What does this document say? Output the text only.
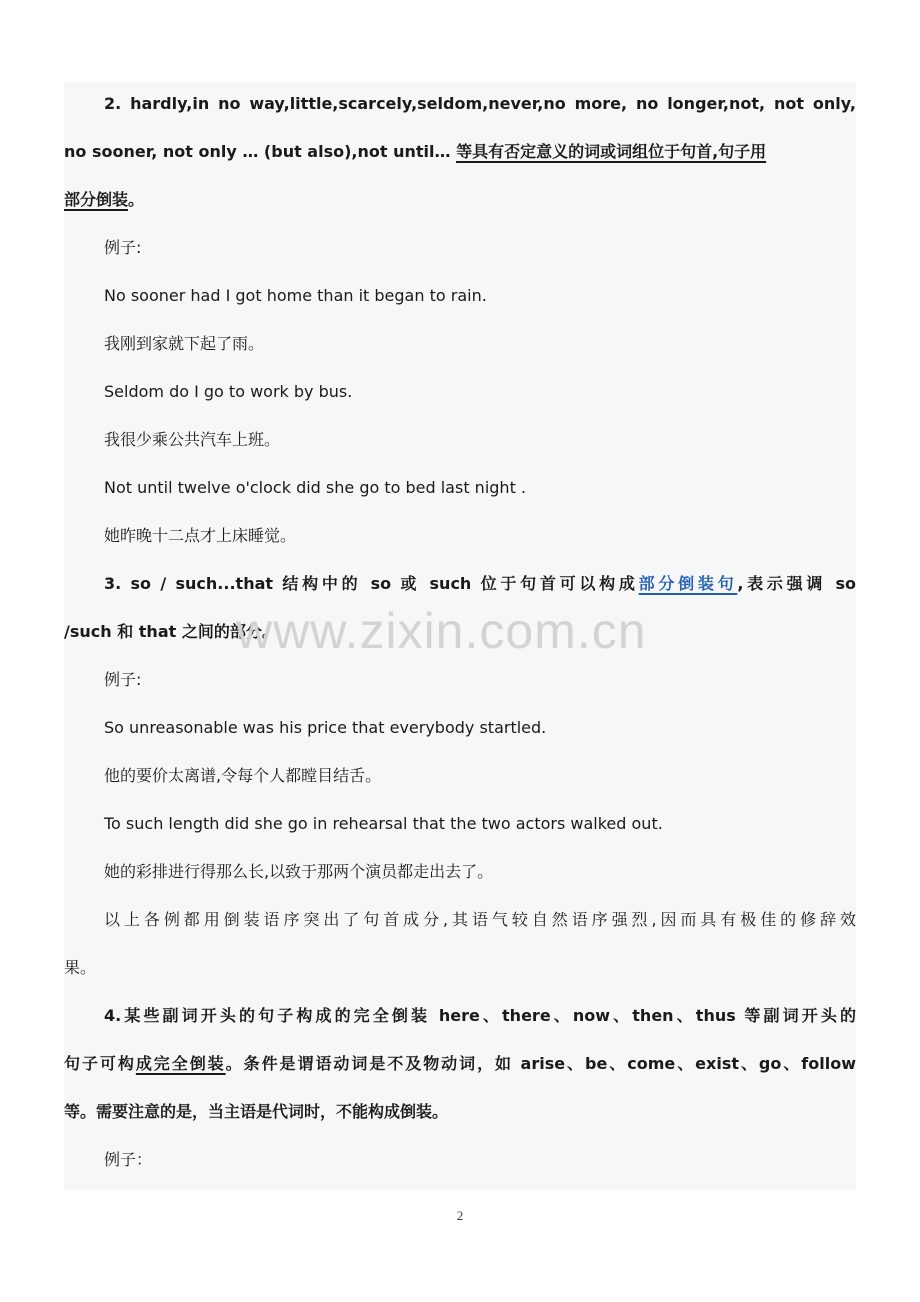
2. hardly,in no way,little,scarcely,seldom,never,no more, no longer,not, not only,
no sooner, not only … (but also),not until… 等具有否定意义的词或词组位于句首,句子用
部分倒装。
例子:
No sooner had I got home than it began to rain.
我刚到家就下起了雨。
Seldom do I go to work by bus.
我很少乘公共汽车上班。
Not until twelve o'clock did she go to bed last night .
她昨晚十二点才上床睡觉。
3. so / such...that 结构中的 so 或 such 位于句首可以构成部分倒装句,表示强调 so
/such 和 that 之间的部分。
例子:
So unreasonable was his price that everybody startled.
他的要价太离谱,令每个人都瞠目结舌。
To such length did she go in rehearsal that the two actors walked out.
她的彩排进行得那么长,以致于那两个演员都走出去了。
以上各例都用倒装语序突出了句首成分,其语气较自然语序强烈,因而具有极佳的修辞效
果。
4.某些副词开头的句子构成的完全倒装 here、there、now、then、thus 等副词开头的
句子可构成完全倒装。条件是谓语动词是不及物动词，如 arise、be、come、exist、go、follow
等。需要注意的是，当主语是代词时，不能构成倒装。
例子：
www.zixin.com.cn
2
